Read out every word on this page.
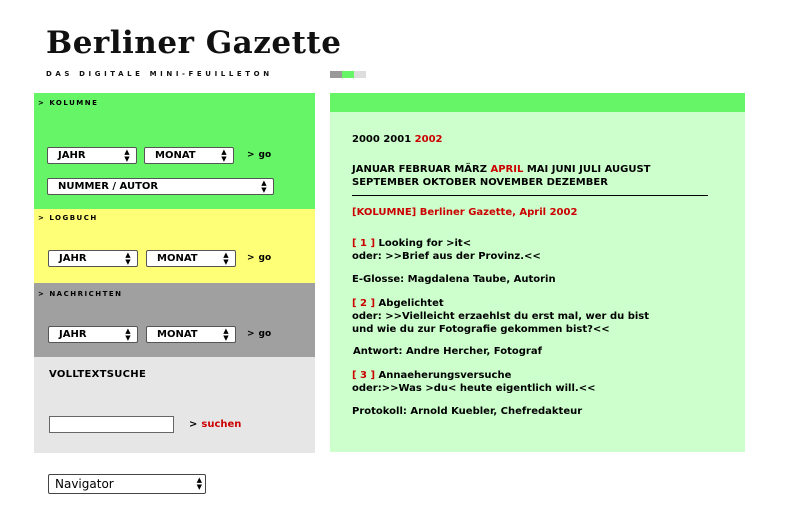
Berliner Gazette
DAS DIGITALE MINI-FEUILLETON
> KOLUMNE
JAHR	▲
▼	MONAT	▲
▼	> go
NUMMER / AUTOR	▲
▼
> LOGBUCH
JAHR	▲
▼	MONAT	▲
▼	> go
> NACHRICHTEN
JAHR	▲
▼	MONAT	▲
▼	> go
VOLLTEXTSUCHE
> suchen
Navigator	▲
▼
2000 2001 2002
JANUAR FEBRUAR MÄRZ APRIL MAI JUNI JULI AUGUST
SEPTEMBER OKTOBER NOVEMBER DEZEMBER
[KOLUMNE] Berliner Gazette, April 2002
[ 1 ] Looking for >it<
oder: >>Brief aus der Provinz.<<
E-Glosse: Magdalena Taube, Autorin
[ 2 ] Abgelichtet
oder: >>Vielleicht erzaehlst du erst mal, wer du bist
und wie du zur Fotografie gekommen bist?<<
Antwort: Andre Hercher, Fotograf
[ 3 ] Annaeherungsversuche
oder:>>Was >du< heute eigentlich will.<<
Protokoll: Arnold Kuebler, Chefredakteur
